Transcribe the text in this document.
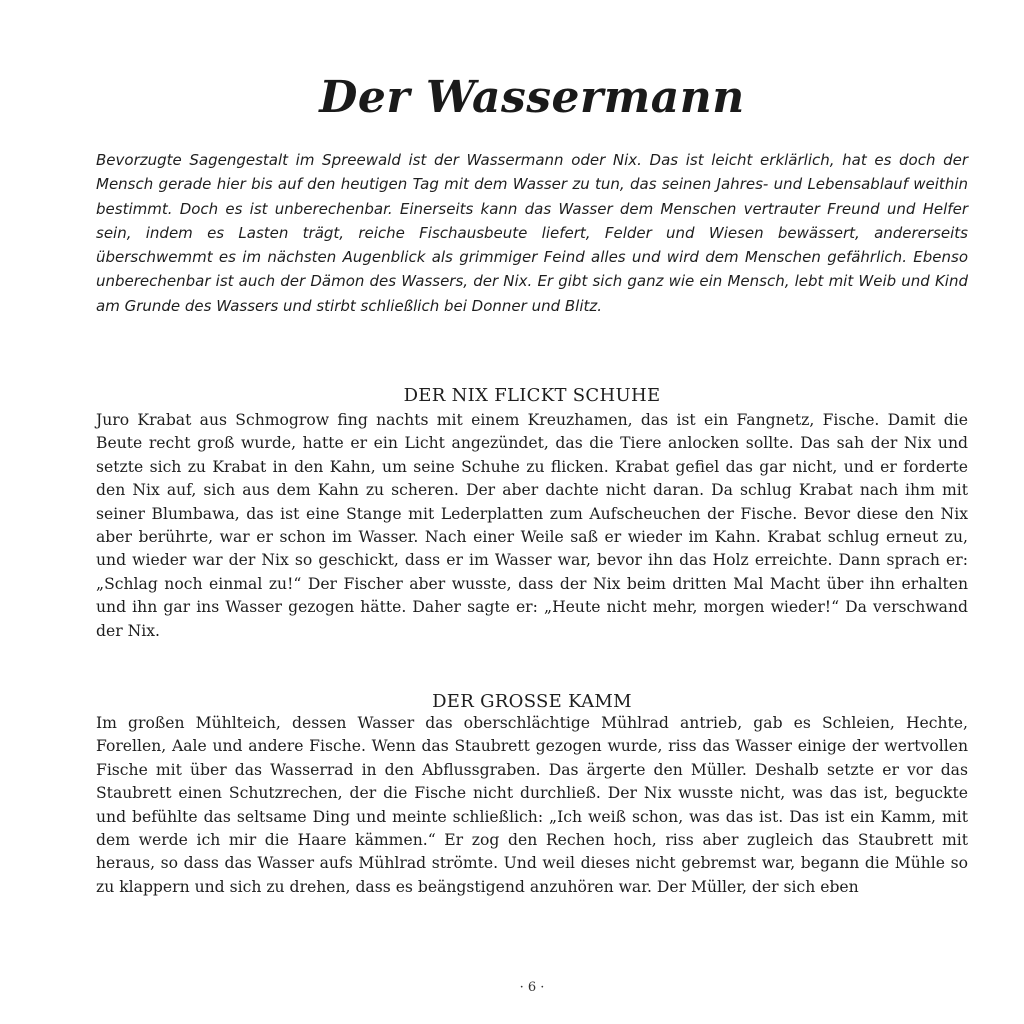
Der Wassermann

Bevorzugte Sagengestalt im Spreewald ist der Wassermann oder Nix. Das ist leicht erklärlich, hat es doch der Mensch gerade hier bis auf den heutigen Tag mit dem Wasser zu tun, das seinen Jahres- und Lebensablauf weithin bestimmt. Doch es ist unberechenbar. Einerseits kann das Wasser dem Menschen vertrauter Freund und Helfer sein, indem es Lasten trägt, reiche Fischausbeute liefert, Felder und Wiesen bewässert, andererseits überschwemmt es im nächsten Augenblick als grimmiger Feind alles und wird dem Menschen gefährlich. Ebenso unberechenbar ist auch der Dämon des Wassers, der Nix. Er gibt sich ganz wie ein Mensch, lebt mit Weib und Kind am Grunde des Wassers und stirbt schließlich bei Donner und Blitz.

DER NIX FLICKT SCHUHE

Juro Krabat aus Schmogrow fing nachts mit einem Kreuzhamen, das ist ein Fangnetz, Fische. Damit die Beute recht groß wurde, hatte er ein Licht angezündet, das die Tiere anlocken sollte. Das sah der Nix und setzte sich zu Krabat in den Kahn, um seine Schuhe zu flicken. Krabat gefiel das gar nicht, und er forderte den Nix auf, sich aus dem Kahn zu scheren. Der aber dachte nicht daran. Da schlug Krabat nach ihm mit seiner Blumbawa, das ist eine Stange mit Lederplatten zum Aufscheuchen der Fische. Bevor diese den Nix aber berührte, war er schon im Wasser. Nach einer Weile saß er wieder im Kahn. Krabat schlug erneut zu, und wieder war der Nix so geschickt, dass er im Wasser war, bevor ihn das Holz erreichte. Dann sprach er: „Schlag noch einmal zu!“ Der Fischer aber wusste, dass der Nix beim dritten Mal Macht über ihn erhalten und ihn gar ins Wasser gezogen hätte. Daher sagte er: „Heute nicht mehr, morgen wieder!“ Da verschwand der Nix.

DER GROSSE KAMM

Im großen Mühlteich, dessen Wasser das oberschlächtige Mühlrad antrieb, gab es Schleien, Hechte, Forellen, Aale und andere Fische. Wenn das Staubrett gezogen wurde, riss das Wasser einige der wertvollen Fische mit über das Wasserrad in den Abflussgraben. Das ärgerte den Müller. Deshalb setzte er vor das Staubrett einen Schutzrechen, der die Fische nicht durchließ. Der Nix wusste nicht, was das ist, beguckte und befühlte das seltsame Ding und meinte schließlich: „Ich weiß schon, was das ist. Das ist ein Kamm, mit dem werde ich mir die Haare kämmen.“ Er zog den Rechen hoch, riss aber zugleich das Staubrett mit heraus, so dass das Wasser aufs Mühlrad strömte. Und weil dieses nicht gebremst war, begann die Mühle so zu klappern und sich zu drehen, dass es beängstigend anzuhören war. Der Müller, der sich eben

· 6 ·
